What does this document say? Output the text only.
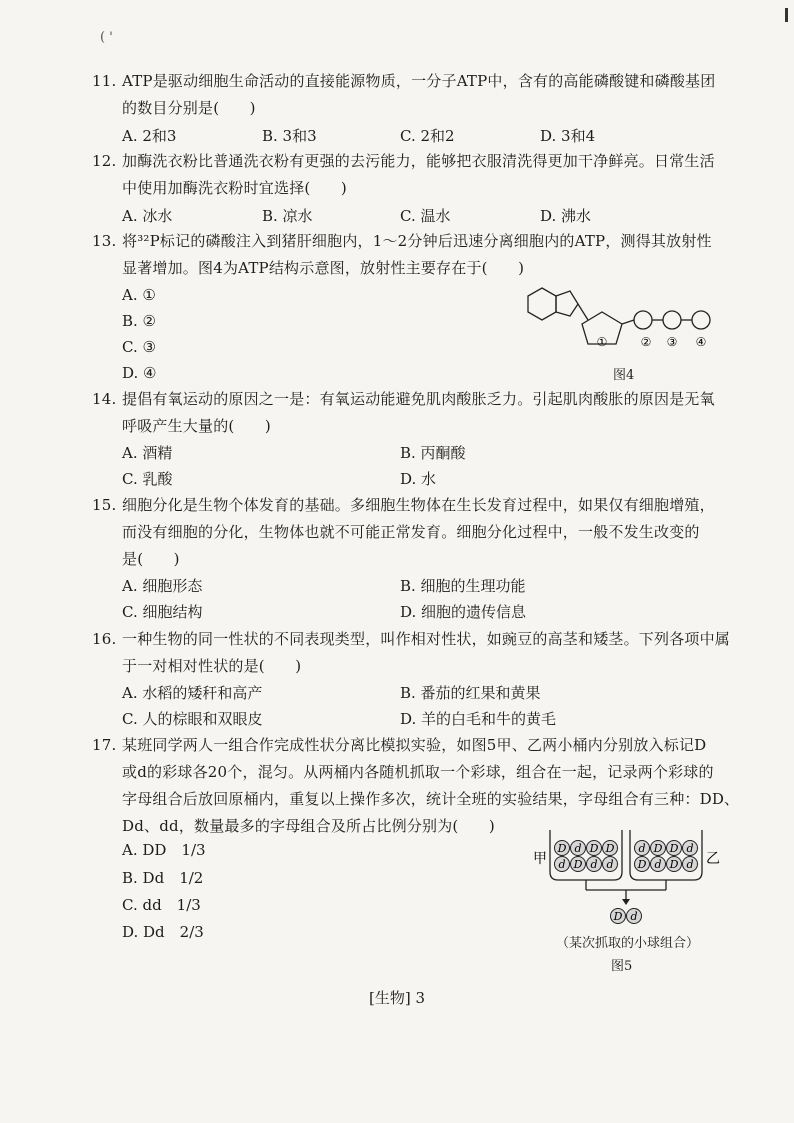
( '
11. ATP是驱动细胞生命活动的直接能源物质，一分子ATP中，含有的高能磷酸键和磷酸基团
的数目分别是(　　)
A. 2和3	B. 3和3	C. 2和2	D. 3和4
12. 加酶洗衣粉比普通洗衣粉有更强的去污能力，能够把衣服清洗得更加干净鲜亮。日常生活
中使用加酶洗衣粉时宜选择(　　)
A. 冰水	B. 凉水	C. 温水	D. 沸水
13. 将³²P标记的磷酸注入到猪肝细胞内，1～2分钟后迅速分离细胞内的ATP，测得其放射性
显著增加。图4为ATP结构示意图，放射性主要存在于(　　)
A. ①
B. ②
C. ③
D. ④
①	② ③ ④
图4
14. 提倡有氧运动的原因之一是：有氧运动能避免肌肉酸胀乏力。引起肌肉酸胀的原因是无氧
呼吸产生大量的(　　)
A. 酒精	B. 丙酮酸
C. 乳酸	D. 水
15. 细胞分化是生物个体发育的基础。多细胞生物体在生长发育过程中，如果仅有细胞增殖，
而没有细胞的分化，生物体也就不可能正常发育。细胞分化过程中，一般不发生改变的
是(　　)
A. 细胞形态	B. 细胞的生理功能
C. 细胞结构	D. 细胞的遗传信息
16. 一种生物的同一性状的不同表现类型，叫作相对性状，如豌豆的高茎和矮茎。下列各项中属
于一对相对性状的是(　　)
A. 水稻的矮秆和高产	B. 番茄的红果和黄果
C. 人的棕眼和双眼皮	D. 羊的白毛和牛的黄毛
17. 某班同学两人一组合作完成性状分离比模拟实验，如图5甲、乙两小桶内分别放入标记D
或d的彩球各20个，混匀。从两桶内各随机抓取一个彩球，组合在一起，记录两个彩球的
字母组合后放回原桶内，重复以上操作多次，统计全班的实验结果，字母组合有三种：DD、
Dd、dd，数量最多的字母组合及所占比例分别为(　　)
A. DD　1/3
B. Dd　1/2
C. dd　1/3
D. Dd　2/3
甲	乙
D d D D
d D d d
d D D d
D d D d
D d
（某次抓取的小球组合）
图5
[生物] 3
